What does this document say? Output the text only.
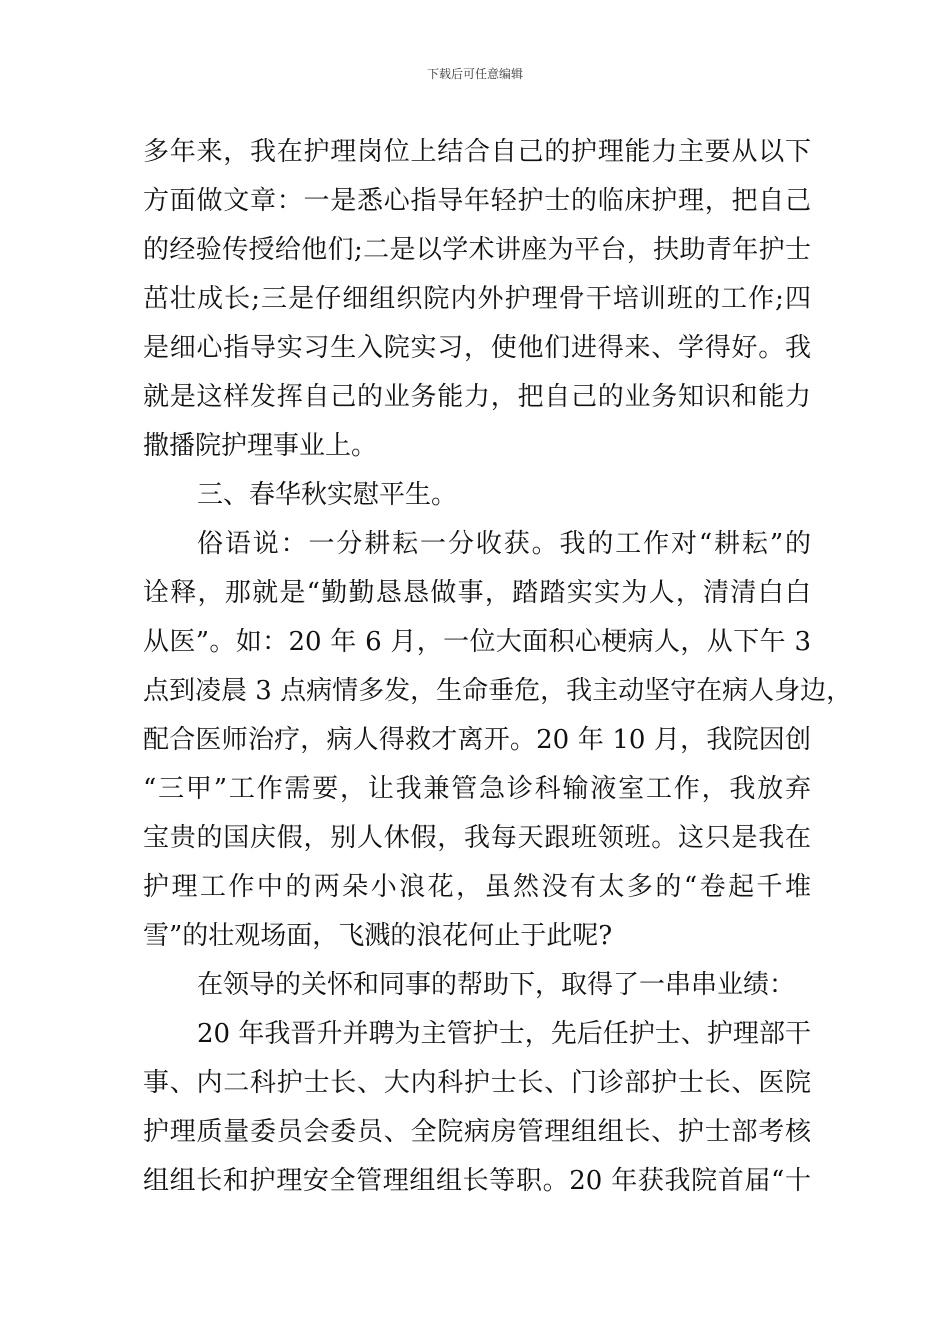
下载后可任意编辑
多年来，我在护理岗位上结合自己的护理能力主要从以下
方面做文章：一是悉心指导年轻护士的临床护理，把自己
的经验传授给他们;二是以学术讲座为平台，扶助青年护士
茁壮成长;三是仔细组织院内外护理骨干培训班的工作;四
是细心指导实习生入院实习，使他们进得来、学得好。我
就是这样发挥自己的业务能力，把自己的业务知识和能力
撒播院护理事业上。
三、春华秋实慰平生。
俗语说：一分耕耘一分收获。我的工作对“耕耘”的
诠释，那就是“勤勤恳恳做事，踏踏实实为人，清清白白
从医”。如：20 年 6 月，一位大面积心梗病人，从下午 3
点到凌晨 3 点病情多发，生命垂危，我主动坚守在病人身边，
配合医师治疗，病人得救才离开。20 年 10 月，我院因创
“三甲”工作需要，让我兼管急诊科输液室工作，我放弃
宝贵的国庆假，别人休假，我每天跟班领班。这只是我在
护理工作中的两朵小浪花，虽然没有太多的“卷起千堆
雪”的壮观场面，飞溅的浪花何止于此呢?
在领导的关怀和同事的帮助下，取得了一串串业绩：
20 年我晋升并聘为主管护士，先后任护士、护理部干
事、内二科护士长、大内科护士长、门诊部护士长、医院
护理质量委员会委员、全院病房管理组组长、护士部考核
组组长和护理安全管理组组长等职。20 年获我院首届“十
